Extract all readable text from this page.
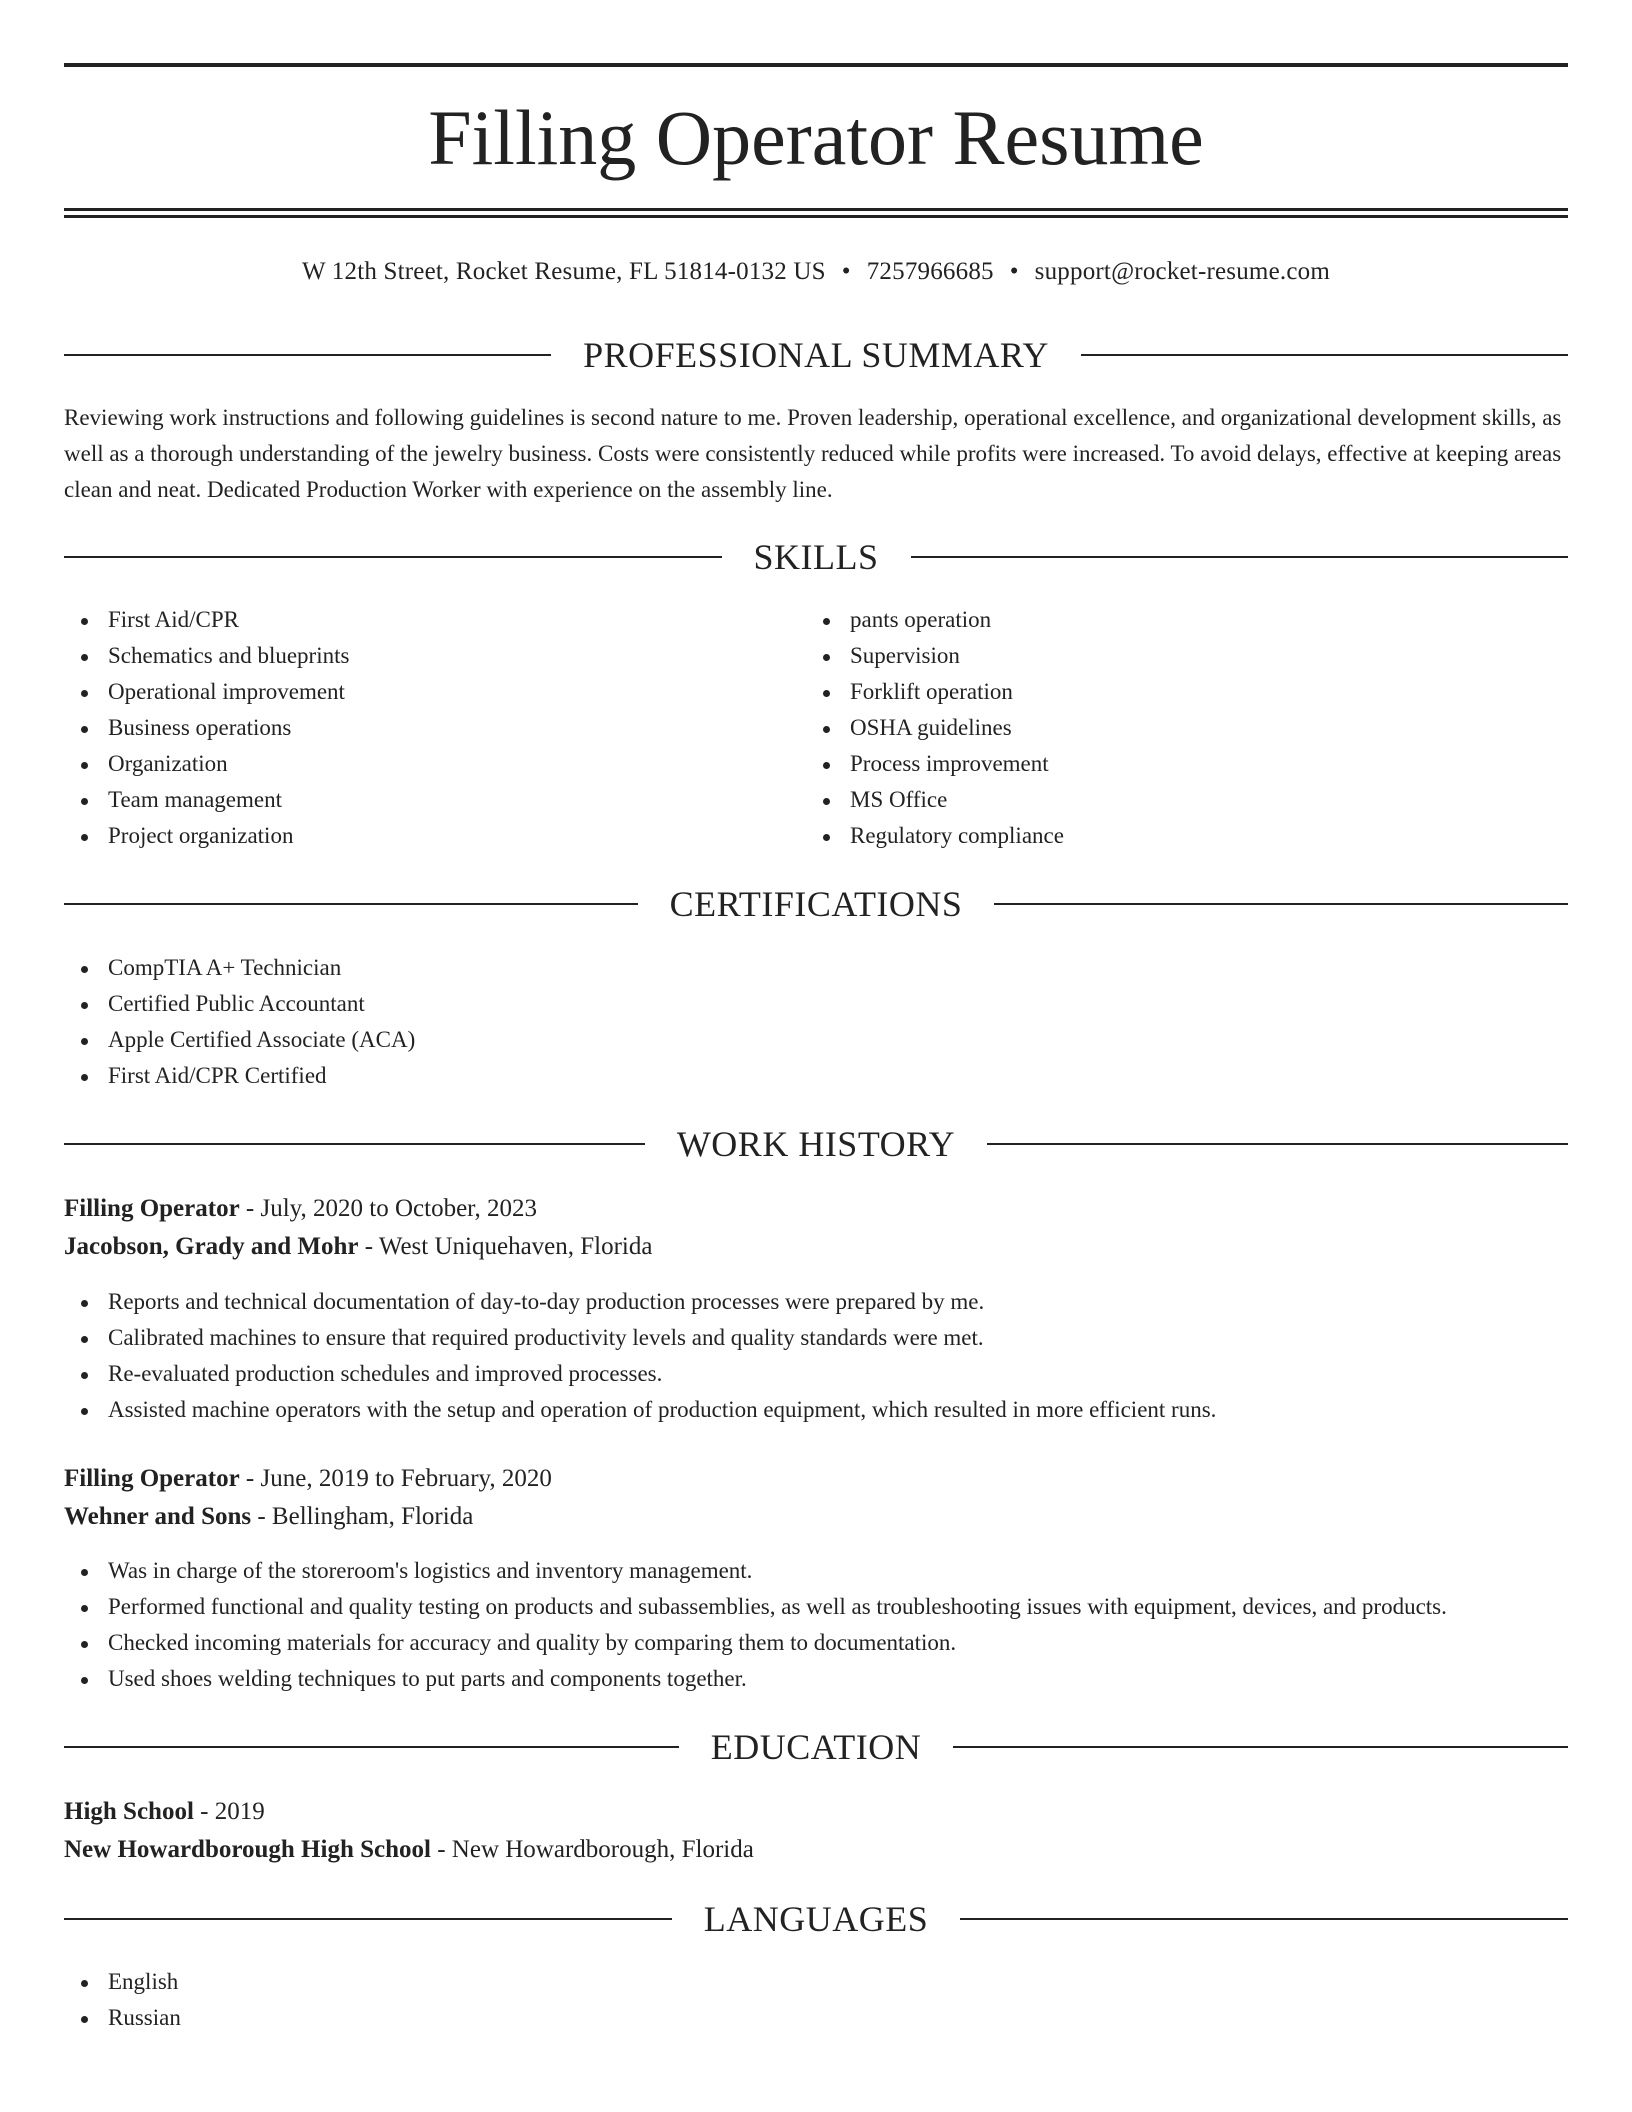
Filling Operator Resume
W 12th Street, Rocket Resume, FL 51814-0132 US • 7257966685 • support@rocket-resume.com
PROFESSIONAL SUMMARY

Reviewing work instructions and following guidelines is second nature to me. Proven leadership, operational excellence, and organizational development skills, as well as a thorough understanding of the jewelry business. Costs were consistently reduced while profits were increased. To avoid delays, effective at keeping areas clean and neat. Dedicated Production Worker with experience on the assembly line.

SKILLS
First Aid/CPR
Schematics and blueprints
Operational improvement
Business operations
Organization
Team management
Project organization
pants operation
Supervision
Forklift operation
OSHA guidelines
Process improvement
MS Office
Regulatory compliance
CERTIFICATIONS
CompTIA A+ Technician
Certified Public Accountant
Apple Certified Associate (ACA)
First Aid/CPR Certified
WORK HISTORY
Filling Operator - July, 2020 to October, 2023
Jacobson, Grady and Mohr - West Uniquehaven, Florida
Reports and technical documentation of day-to-day production processes were prepared by me.
Calibrated machines to ensure that required productivity levels and quality standards were met.
Re-evaluated production schedules and improved processes.
Assisted machine operators with the setup and operation of production equipment, which resulted in more efficient runs.
Filling Operator - June, 2019 to February, 2020
Wehner and Sons - Bellingham, Florida
Was in charge of the storeroom's logistics and inventory management.
Performed functional and quality testing on products and subassemblies, as well as troubleshooting issues with equipment, devices, and products.
Checked incoming materials for accuracy and quality by comparing them to documentation.
Used shoes welding techniques to put parts and components together.
EDUCATION
High School - 2019
New Howardborough High School - New Howardborough, Florida
LANGUAGES
English
Russian
